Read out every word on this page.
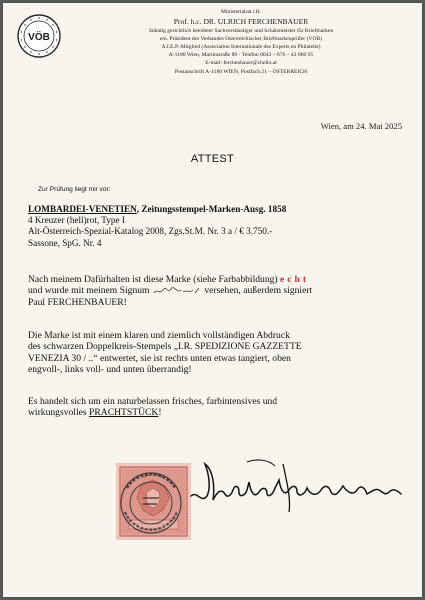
VÖB
Ministerialrat i.R.
Prof. h.c. DR. ULRICH FERCHENBAUER
Ständig gerichtlich beeideter Sachverständiger und Schätzmeister für Briefmarken
em. Präsident des Verbandes Österreichischer Briefmarkenprüfer (VÖB)
A.I.E.P.-Mitglied (Association Internationale des Experts en Philatelie)
A-1180 Wien, Martinstraße 89 · Telefon 0043 – 676 – 43 060 95
E-mail: ferchenbauer@chello.at
Postanschrift A-1180 WIEN, Postfach 21 – ÖSTERREICH
Wien, am 24. Mai 2025
ATTEST
Zur Prüfung liegt mir vor:
LOMBARDEI-VENETIEN, Zeitungsstempel-Marken-Ausg. 1858
4 Kreuzer (hell)rot, Type I
Alt-Österreich-Spezial-Katalog 2008, Zgs.St.M. Nr. 3 a / € 3.750.-
Sassone, SpG. Nr. 4
Nach meinem Dafürhalten ist diese Marke (siehe Farbabbildung) echt
und wurde mit meinem Signum	versehen, außerdem signiert
Paul FERCHENBAUER!
Die Marke ist mit einem klaren und ziemlich vollständigen Abdruck
des schwarzen Doppelkreis-Stempels „I.R. SPEDIZIONE GAZZETTE
VENEZIA 30 / ..“ entwertet, sie ist rechts unten etwas tangiert, oben
engvoll-, links voll- und unten überrandig!
Es handelt sich um ein naturbelassen frisches, farbintensives und
wirkungsvolles PRACHTSTÜCK!
